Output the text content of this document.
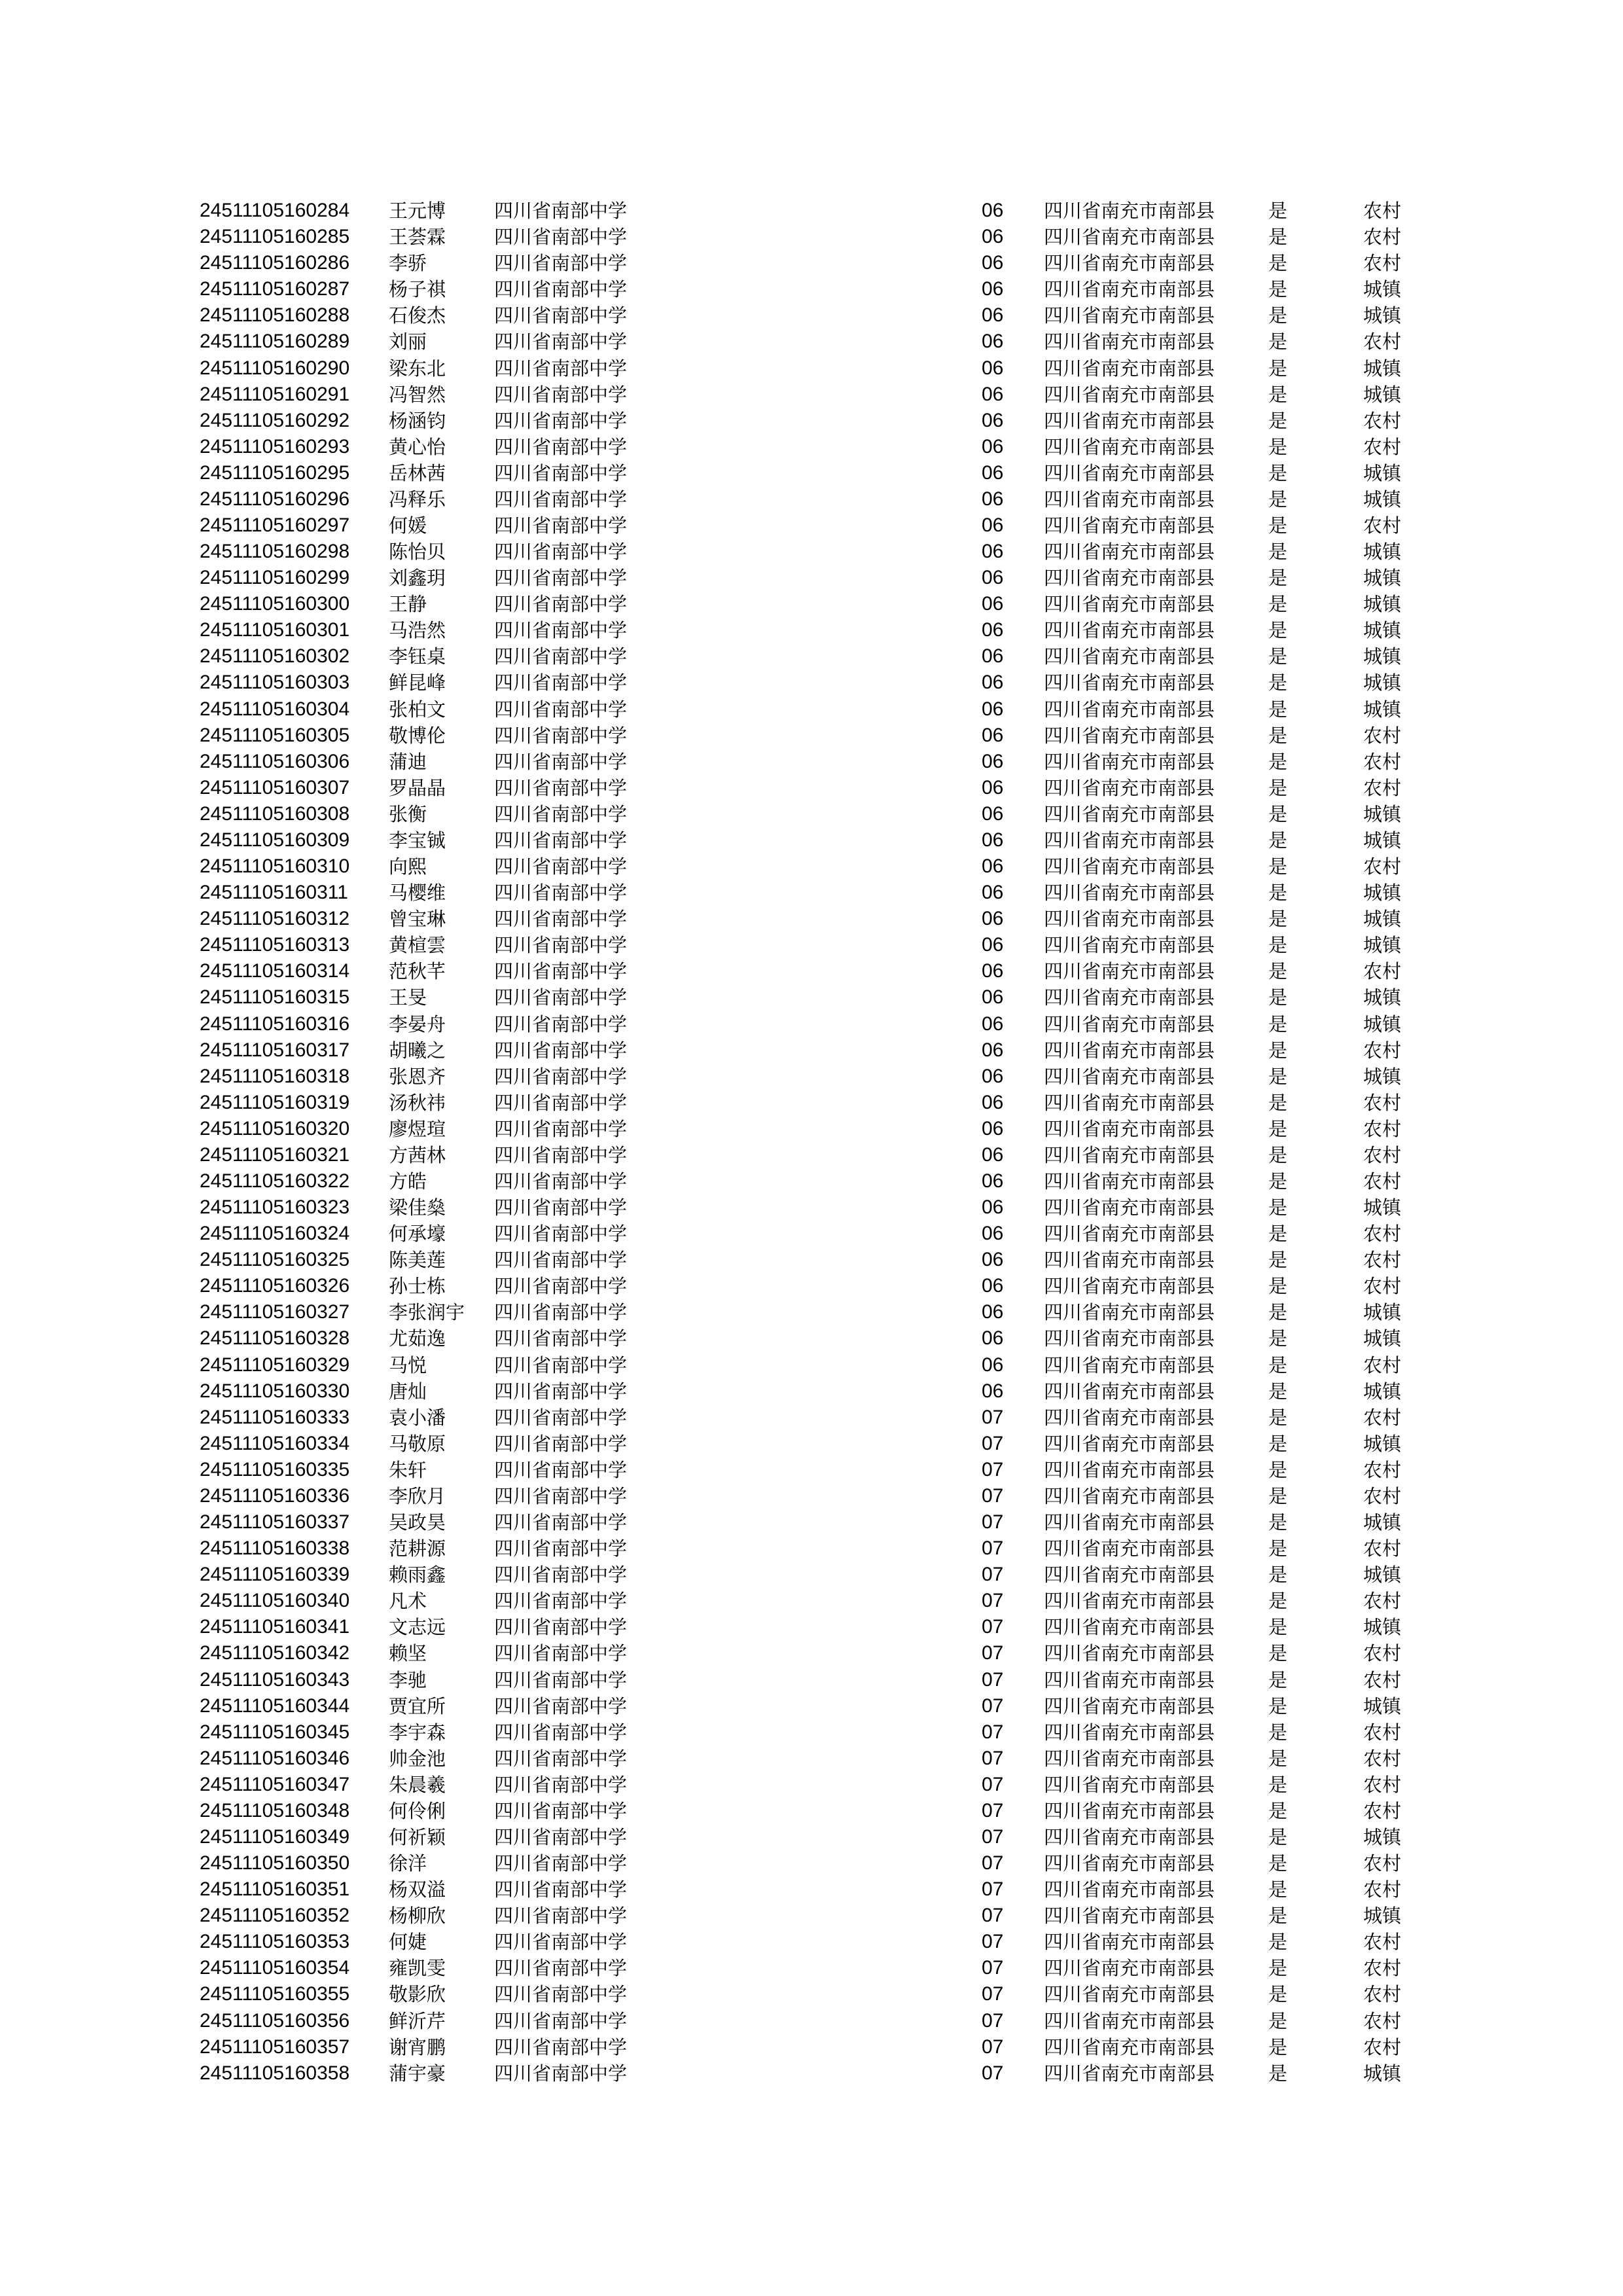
24511105160284 王元博	四川省南部中学	06 四川省南充市南部县	是	农村
24511105160285 王荟霖	四川省南部中学	06 四川省南充市南部县	是	农村
24511105160286 李骄	四川省南部中学	06 四川省南充市南部县	是	农村
24511105160287 杨子祺	四川省南部中学	06 四川省南充市南部县	是	城镇
24511105160288 石俊杰	四川省南部中学	06 四川省南充市南部县	是	城镇
24511105160289 刘丽	四川省南部中学	06 四川省南充市南部县	是	农村
24511105160290 梁东北	四川省南部中学	06 四川省南充市南部县	是	城镇
24511105160291 冯智然	四川省南部中学	06 四川省南充市南部县	是	城镇
24511105160292 杨涵钧	四川省南部中学	06 四川省南充市南部县	是	农村
24511105160293 黄心怡	四川省南部中学	06 四川省南充市南部县	是	农村
24511105160295 岳林茜	四川省南部中学	06 四川省南充市南部县	是	城镇
24511105160296 冯释乐	四川省南部中学	06 四川省南充市南部县	是	城镇
24511105160297 何媛	四川省南部中学	06 四川省南充市南部县	是	农村
24511105160298 陈怡贝	四川省南部中学	06 四川省南充市南部县	是	城镇
24511105160299 刘鑫玥	四川省南部中学	06 四川省南充市南部县	是	城镇
24511105160300 王静	四川省南部中学	06 四川省南充市南部县	是	城镇
24511105160301 马浩然	四川省南部中学	06 四川省南充市南部县	是	城镇
24511105160302 李钰桌	四川省南部中学	06 四川省南充市南部县	是	城镇
24511105160303 鲜昆峰	四川省南部中学	06 四川省南充市南部县	是	城镇
24511105160304 张柏文	四川省南部中学	06 四川省南充市南部县	是	城镇
24511105160305 敬博伦	四川省南部中学	06 四川省南充市南部县	是	农村
24511105160306 蒲迪	四川省南部中学	06 四川省南充市南部县	是	农村
24511105160307 罗晶晶	四川省南部中学	06 四川省南充市南部县	是	农村
24511105160308 张衡	四川省南部中学	06 四川省南充市南部县	是	城镇
24511105160309 李宝铖	四川省南部中学	06 四川省南充市南部县	是	城镇
24511105160310 向熙	四川省南部中学	06 四川省南充市南部县	是	农村
24511105160311 马樱维	四川省南部中学	06 四川省南充市南部县	是	城镇
24511105160312 曾宝琳	四川省南部中学	06 四川省南充市南部县	是	城镇
24511105160313 黄楦雲	四川省南部中学	06 四川省南充市南部县	是	城镇
24511105160314 范秋芊	四川省南部中学	06 四川省南充市南部县	是	农村
24511105160315 王旻	四川省南部中学	06 四川省南充市南部县	是	城镇
24511105160316 李晏舟	四川省南部中学	06 四川省南充市南部县	是	城镇
24511105160317 胡曦之	四川省南部中学	06 四川省南充市南部县	是	农村
24511105160318 张恩齐	四川省南部中学	06 四川省南充市南部县	是	城镇
24511105160319 汤秋祎	四川省南部中学	06 四川省南充市南部县	是	农村
24511105160320 廖煜瑄	四川省南部中学	06 四川省南充市南部县	是	农村
24511105160321 方茜林	四川省南部中学	06 四川省南充市南部县	是	农村
24511105160322 方皓	四川省南部中学	06 四川省南充市南部县	是	农村
24511105160323 梁佳燊	四川省南部中学	06 四川省南充市南部县	是	城镇
24511105160324 何承壕	四川省南部中学	06 四川省南充市南部县	是	农村
24511105160325 陈美莲	四川省南部中学	06 四川省南充市南部县	是	农村
24511105160326 孙士栋	四川省南部中学	06 四川省南充市南部县	是	农村
24511105160327 李张润宇 四川省南部中学	06 四川省南充市南部县	是	城镇
24511105160328 尤茹逸	四川省南部中学	06 四川省南充市南部县	是	城镇
24511105160329 马悦	四川省南部中学	06 四川省南充市南部县	是	农村
24511105160330 唐灿	四川省南部中学	06 四川省南充市南部县	是	城镇
24511105160333 袁小潘	四川省南部中学	07 四川省南充市南部县	是	农村
24511105160334 马敬原	四川省南部中学	07 四川省南充市南部县	是	城镇
24511105160335 朱轩	四川省南部中学	07 四川省南充市南部县	是	农村
24511105160336 李欣月	四川省南部中学	07 四川省南充市南部县	是	农村
24511105160337 吴政昊	四川省南部中学	07 四川省南充市南部县	是	城镇
24511105160338 范耕源	四川省南部中学	07 四川省南充市南部县	是	农村
24511105160339 赖雨鑫	四川省南部中学	07 四川省南充市南部县	是	城镇
24511105160340 凡术	四川省南部中学	07 四川省南充市南部县	是	农村
24511105160341 文志远	四川省南部中学	07 四川省南充市南部县	是	城镇
24511105160342 赖坚	四川省南部中学	07 四川省南充市南部县	是	农村
24511105160343 李驰	四川省南部中学	07 四川省南充市南部县	是	农村
24511105160344 贾宜所	四川省南部中学	07 四川省南充市南部县	是	城镇
24511105160345 李宇森	四川省南部中学	07 四川省南充市南部县	是	农村
24511105160346 帅金池	四川省南部中学	07 四川省南充市南部县	是	农村
24511105160347 朱晨羲	四川省南部中学	07 四川省南充市南部县	是	农村
24511105160348 何伶俐	四川省南部中学	07 四川省南充市南部县	是	农村
24511105160349 何祈颖	四川省南部中学	07 四川省南充市南部县	是	城镇
24511105160350 徐洋	四川省南部中学	07 四川省南充市南部县	是	农村
24511105160351 杨双溢	四川省南部中学	07 四川省南充市南部县	是	农村
24511105160352 杨柳欣	四川省南部中学	07 四川省南充市南部县	是	城镇
24511105160353 何婕	四川省南部中学	07 四川省南充市南部县	是	农村
24511105160354 雍凯雯	四川省南部中学	07 四川省南充市南部县	是	农村
24511105160355 敬影欣	四川省南部中学	07 四川省南充市南部县	是	农村
24511105160356 鲜沂芹	四川省南部中学	07 四川省南充市南部县	是	农村
24511105160357 谢宵鹏	四川省南部中学	07 四川省南充市南部县	是	农村
24511105160358 蒲宇豪	四川省南部中学	07 四川省南充市南部县	是	城镇
